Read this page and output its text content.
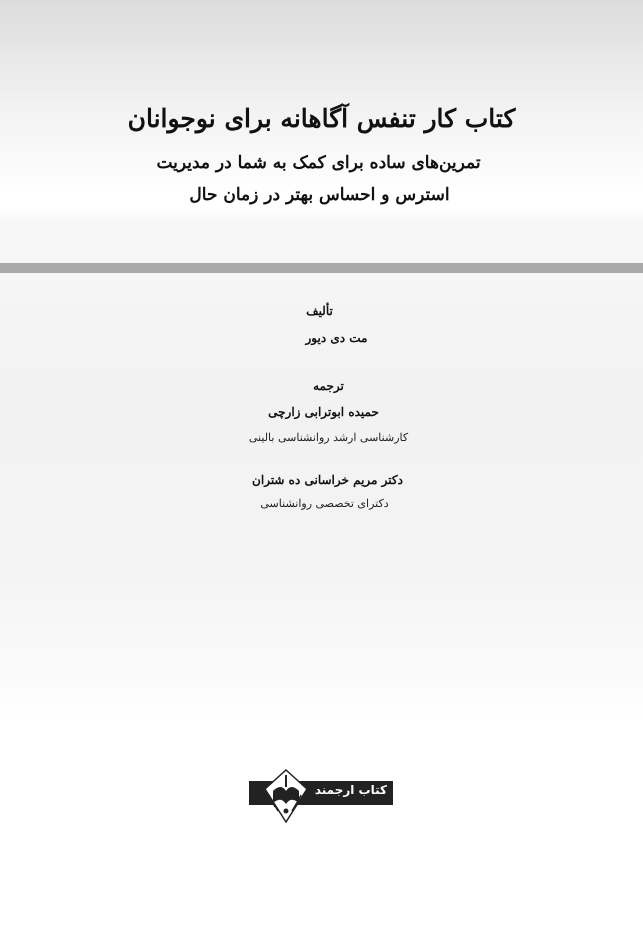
کتاب کار تنفس آگاهانه برای نوجوانان
تمرین‌های ساده برای کمک به شما در مدیریت
استرس و احساس بهتر در زمان حال
تألیف
مت دی دیور
ترجمه
حمیده ابوترابی زارچی
کارشناسی ارشد روانشناسی بالینی
دکتر مریم خراسانی ده شتران
دکترای تخصصی روانشناسی
کتاب ارجمند
